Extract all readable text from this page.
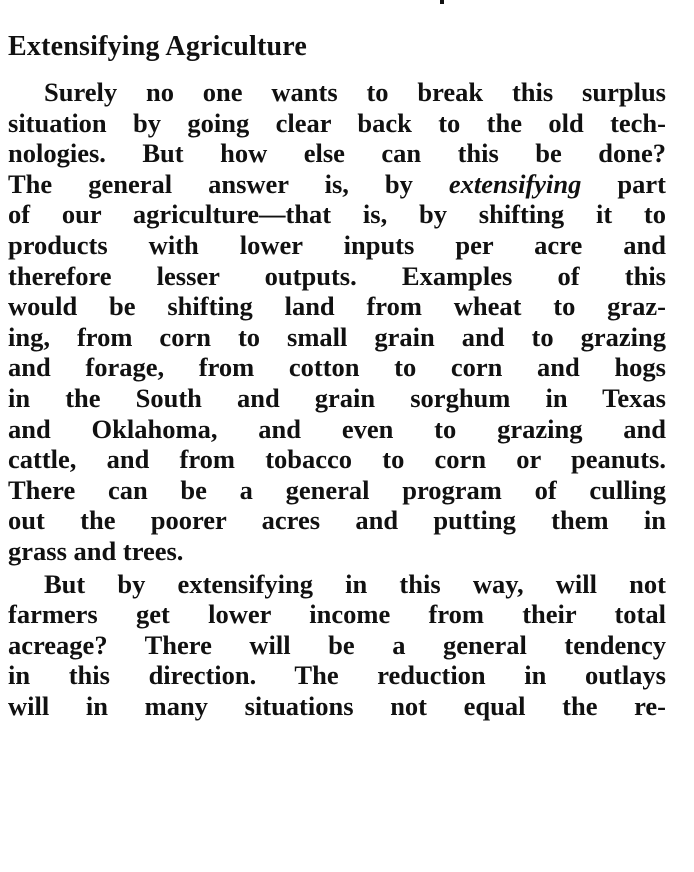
Extensifying Agriculture
Surely no one wants to break this surplus
situation by going clear back to the old tech-
nologies. But how else can this be done?
The general answer is, by extensifying part
of our agriculture—that is, by shifting it to
products with lower inputs per acre and
therefore lesser outputs. Examples of this
would be shifting land from wheat to graz-
ing, from corn to small grain and to grazing
and forage, from cotton to corn and hogs
in the South and grain sorghum in Texas
and Oklahoma, and even to grazing and
cattle, and from tobacco to corn or peanuts.
There can be a general program of culling
out the poorer acres and putting them in
grass and trees.
But by extensifying in this way, will not
farmers get lower income from their total
acreage? There will be a general tendency
in this direction. The reduction in outlays
will in many situations not equal the re-
